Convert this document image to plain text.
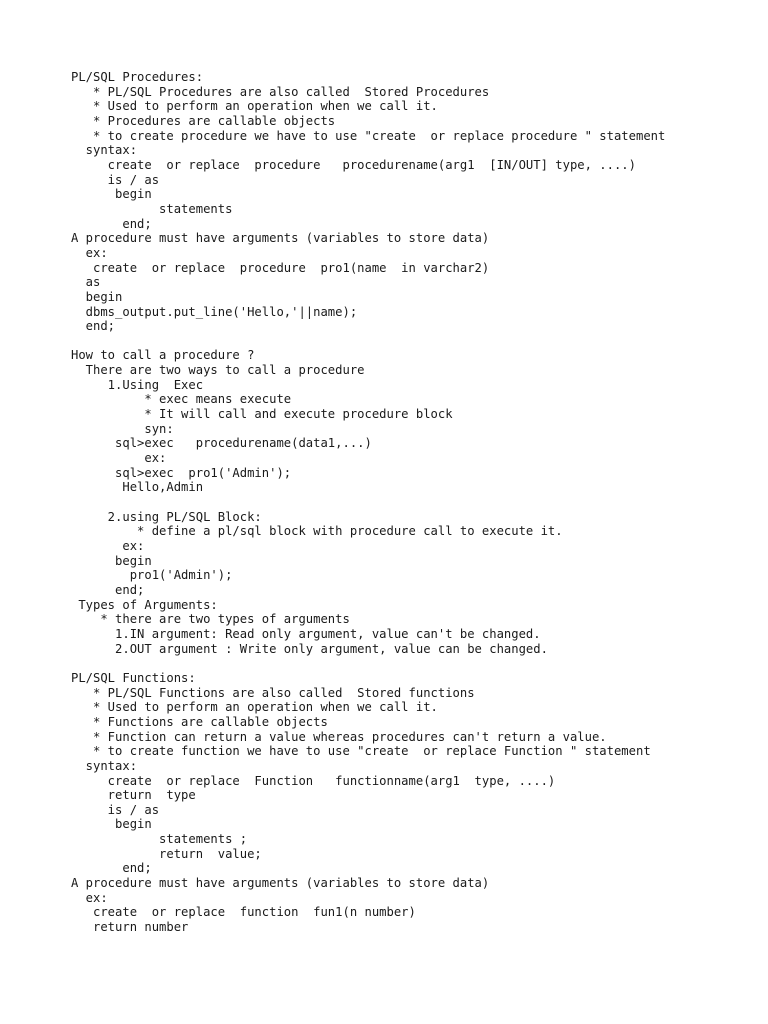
PL/SQL Procedures:
* PL/SQL Procedures are also called  Stored Procedures
* Used to perform an operation when we call it.
* Procedures are callable objects
* to create procedure we have to use "create  or replace procedure " statement
syntax:
create  or replace  procedure   procedurename(arg1  [IN/OUT] type, ....)
is / as
begin
statements
end;
A procedure must have arguments (variables to store data)
ex:
create  or replace  procedure  pro1(name  in varchar2)
as
begin
dbms_output.put_line('Hello,'||name);
end;
How to call a procedure ?
There are two ways to call a procedure
1.Using  Exec
* exec means execute
* It will call and execute procedure block
syn:
sql>exec   procedurename(data1,...)
ex:
sql>exec  pro1('Admin');
Hello,Admin
2.using PL/SQL Block:
* define a pl/sql block with procedure call to execute it.
ex:
begin
pro1('Admin');
end;
Types of Arguments:
* there are two types of arguments
1.IN argument: Read only argument, value can't be changed.
2.OUT argument : Write only argument, value can be changed.
PL/SQL Functions:
* PL/SQL Functions are also called  Stored functions
* Used to perform an operation when we call it.
* Functions are callable objects
* Function can return a value whereas procedures can't return a value.
* to create function we have to use "create  or replace Function " statement
syntax:
create  or replace  Function   functionname(arg1  type, ....)
return  type
is / as
begin
statements ;
return  value;
end;
A procedure must have arguments (variables to store data)
ex:
create  or replace  function  fun1(n number)
return number
